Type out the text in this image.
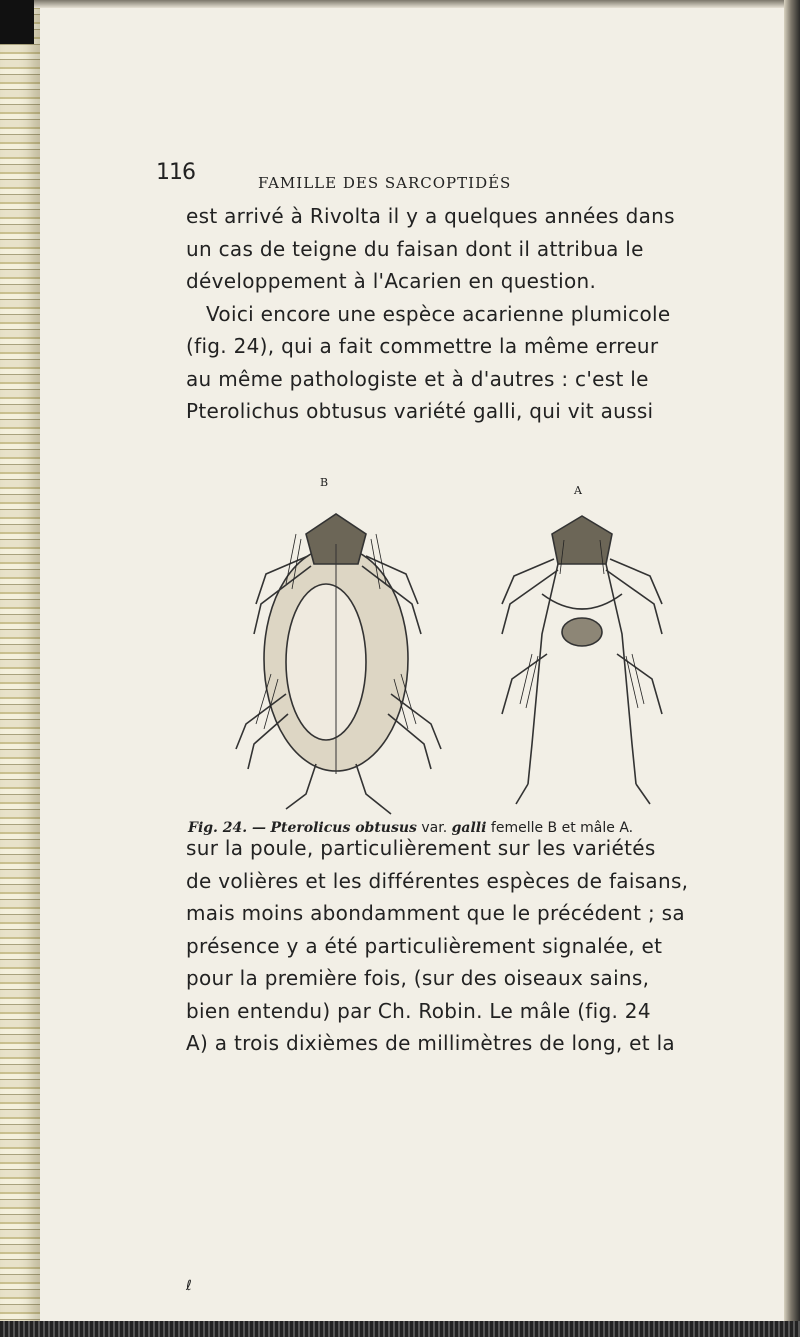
116	FAMILLE DES SARCOPTIDÉS
est arrivé à Rivolta il y a quelques années dans
un cas de teigne du faisan dont il attribua le
développement à l'Acarien en question.
Voici encore une espèce acarienne plumicole
(fig. 24), qui a fait commettre la même erreur
au même pathologiste et à d'autres : c'est le
Pterolichus obtusus variété galli, qui vit aussi
B
A
Fig. 24. — Pterolicus obtusus var. galli femelle B et mâle A.
sur la poule, particulièrement sur les variétés
de volières et les différentes espèces de faisans,
mais moins abondamment que le précédent ; sa
présence y a été particulièrement signalée, et
pour la première fois, (sur des oiseaux sains,
bien entendu) par Ch. Robin. Le mâle (fig. 24
A) a trois dixièmes de millimètres de long, et la
ℓ
